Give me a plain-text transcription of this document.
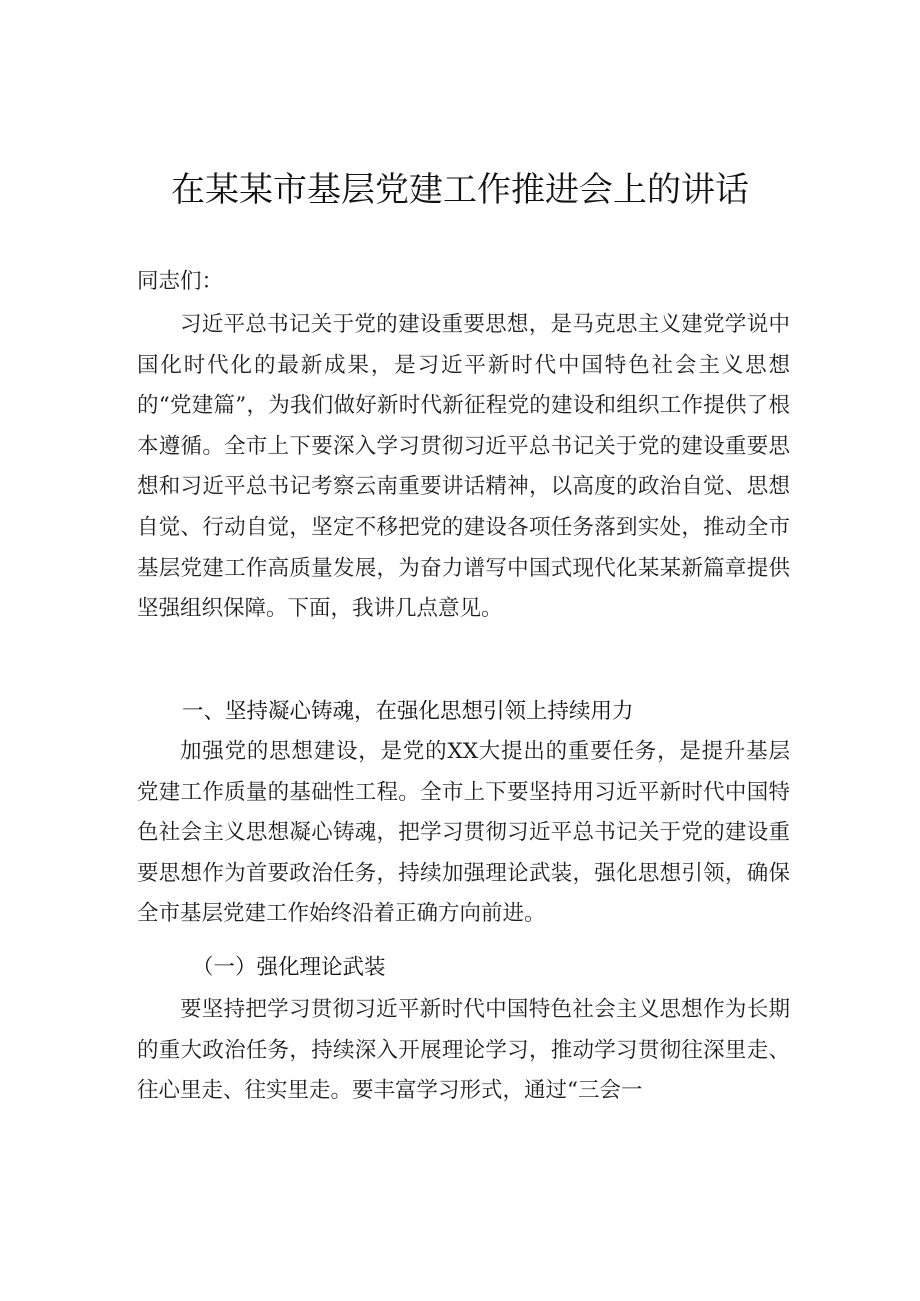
在某某市基层党建工作推进会上的讲话
同志们：
习近平总书记关于党的建设重要思想，是马克思主义建党学说中国化时代化的最新成果，是习近平新时代中国特色社会主义思想的“党建篇”，为我们做好新时代新征程党的建设和组织工作提供了根本遵循。全市上下要深入学习贯彻习近平总书记关于党的建设重要思想和习近平总书记考察云南重要讲话精神，以高度的政治自觉、思想自觉、行动自觉，坚定不移把党的建设各项任务落到实处，推动全市基层党建工作高质量发展，为奋力谱写中国式现代化某某新篇章提供坚强组织保障。下面，我讲几点意见。
一、坚持凝心铸魂，在强化思想引领上持续用力
加强党的思想建设，是党的XX大提出的重要任务，是提升基层党建工作质量的基础性工程。全市上下要坚持用习近平新时代中国特色社会主义思想凝心铸魂，把学习贯彻习近平总书记关于党的建设重要思想作为首要政治任务，持续加强理论武装，强化思想引领，确保全市基层党建工作始终沿着正确方向前进。
（一）强化理论武装
要坚持把学习贯彻习近平新时代中国特色社会主义思想作为长期的重大政治任务，持续深入开展理论学习，推动学习贯彻往深里走、往心里走、往实里走。要丰富学习形式，通过“三会一
